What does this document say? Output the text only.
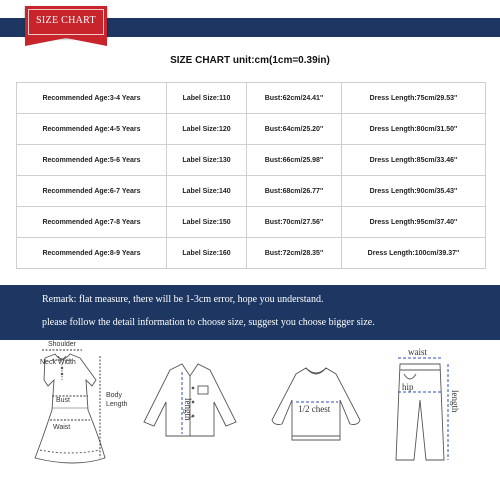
SIZE CHART
SIZE CHART unit:cm(1cm=0.39in)
Recommended Age:3-4 Years	Label Size:110	Bust:62cm/24.41''	Dress Length:75cm/29.53''
Recommended Age:4-5 Years	Label Size:120	Bust:64cm/25.20''	Dress Length:80cm/31.50''
Recommended Age:5-6 Years	Label Size:130	Bust:66cm/25.98''	Dress Length:85cm/33.46''
Recommended Age:6-7 Years	Label Size:140	Bust:68cm/26.77''	Dress Length:90cm/35.43''
Recommended Age:7-8 Years	Label Size:150	Bust:70cm/27.56''	Dress Length:95cm/37.40''
Recommended Age:8-9 Years	Label Size:160	Bust:72cm/28.35''	Dress Length:100cm/39.37''
Remark: flat measure, there will be 1-3cm error, hope you understand.
please follow the detail information to choose size, suggest you choose bigger size.
Shoulder
Neck Width
Bust
Waist
Body
Length	length	1/2 chest
waist
hip
length
